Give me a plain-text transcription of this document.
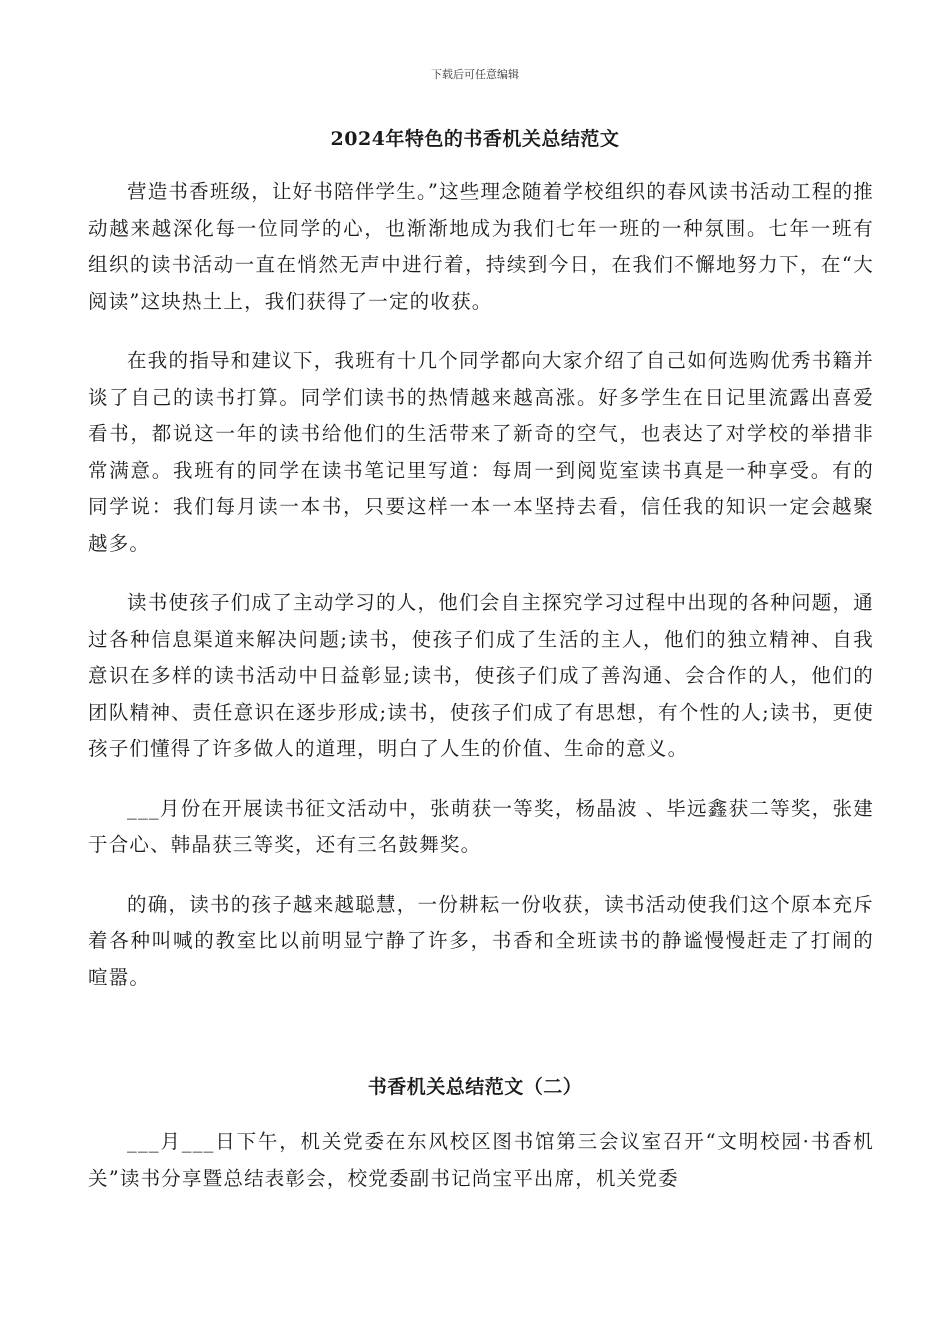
下载后可任意编辑
2024年特色的书香机关总结范文

营造书香班级，让好书陪伴学生。”这些理念随着学校组织的春风读书活动工程的推动越来越深化每一位同学的心，也渐渐地成为我们七年一班的一种氛围。七年一班有组织的读书活动一直在悄然无声中进行着，持续到今日，在我们不懈地努力下，在“大阅读”这块热土上，我们获得了一定的收获。

在我的指导和建议下，我班有十几个同学都向大家介绍了自己如何选购优秀书籍并谈了自己的读书打算。同学们读书的热情越来越高涨。好多学生在日记里流露出喜爱看书，都说这一年的读书给他们的生活带来了新奇的空气，也表达了对学校的举措非常满意。我班有的同学在读书笔记里写道：每周一到阅览室读书真是一种享受。有的同学说：我们每月读一本书，只要这样一本一本坚持去看，信任我的知识一定会越聚越多。

读书使孩子们成了主动学习的人，他们会自主探究学习过程中出现的各种问题，通过各种信息渠道来解决问题;读书，使孩子们成了生活的主人，他们的独立精神、自我意识在多样的读书活动中日益彰显;读书，使孩子们成了善沟通、会合作的人，他们的团队精神、责任意识在逐步形成;读书，使孩子们成了有思想，有个性的人;读书，更使孩子们懂得了许多做人的道理，明白了人生的价值、生命的意义。

___月份在开展读书征文活动中，张萌获一等奖，杨晶波 、毕远鑫获二等奖，张建 于合心、韩晶获三等奖，还有三名鼓舞奖。

的确，读书的孩子越来越聪慧，一份耕耘一份收获，读书活动使我们这个原本充斥着各种叫喊的教室比以前明显宁静了许多，书香和全班读书的静谧慢慢赶走了打闹的喧嚣。

书香机关总结范文（二）

___月___日下午，机关党委在东风校区图书馆第三会议室召开“文明校园·书香机关”读书分享暨总结表彰会，校党委副书记尚宝平出席，机关党委
